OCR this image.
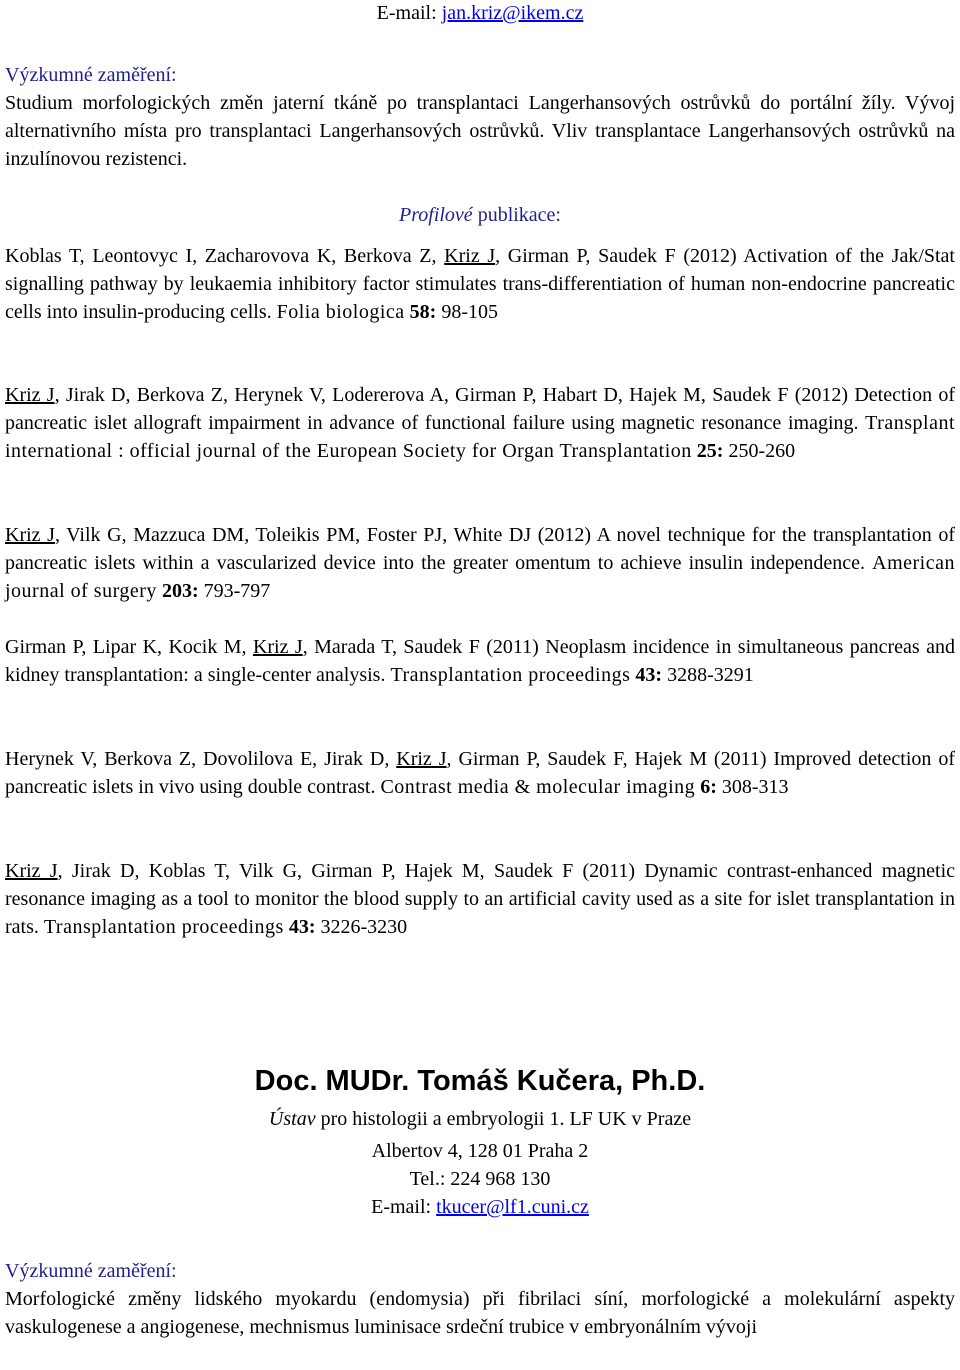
E-mail: jan.kriz@ikem.cz
Výzkumné zaměření:

Studium morfologických změn jaterní tkáně po transplantaci Langerhansových ostrůvků do portální žíly. Vývoj alternativního místa pro transplantaci Langerhansových ostrůvků. Vliv transplantace Langerhansových ostrůvků na inzulínovou rezistenci.

Profilové publikace:

Koblas T, Leontovyc I, Zacharovova K, Berkova Z, Kriz J, Girman P, Saudek F (2012) Activation of the Jak/Stat signalling pathway by leukaemia inhibitory factor stimulates trans-differentiation of human non-endocrine pancreatic cells into insulin-producing cells. Folia biologica 58: 98-105

Kriz J, Jirak D, Berkova Z, Herynek V, Lodererova A, Girman P, Habart D, Hajek M, Saudek F (2012) Detection of pancreatic islet allograft impairment in advance of functional failure using magnetic resonance imaging. Transplant international : official journal of the European Society for Organ Transplantation 25: 250-260

Kriz J, Vilk G, Mazzuca DM, Toleikis PM, Foster PJ, White DJ (2012) A novel technique for the transplantation of pancreatic islets within a vascularized device into the greater omentum to achieve insulin independence. American journal of surgery 203: 793-797

Girman P, Lipar K, Kocik M, Kriz J, Marada T, Saudek F (2011) Neoplasm incidence in simultaneous pancreas and kidney transplantation: a single-center analysis. Transplantation proceedings 43: 3288-3291

Herynek V, Berkova Z, Dovolilova E, Jirak D, Kriz J, Girman P, Saudek F, Hajek M (2011) Improved detection of pancreatic islets in vivo using double contrast. Contrast media & molecular imaging 6: 308-313

Kriz J, Jirak D, Koblas T, Vilk G, Girman P, Hajek M, Saudek F (2011) Dynamic contrast-enhanced magnetic resonance imaging as a tool to monitor the blood supply to an artificial cavity used as a site for islet transplantation in rats. Transplantation proceedings 43: 3226-3230

Doc. MUDr. Tomáš Kučera, Ph.D.
Ústav pro histologii a embryologii 1. LF UK v Praze
Albertov 4, 128 01 Praha 2
Tel.: 224 968 130
E-mail: tkucer@lf1.cuni.cz
Výzkumné zaměření:

Morfologické změny lidského myokardu (endomysia) při fibrilaci síní, morfologické a molekulární aspekty vaskulogenese a angiogenese, mechnismus luminisace srdeční trubice v embryonálním vývoji
